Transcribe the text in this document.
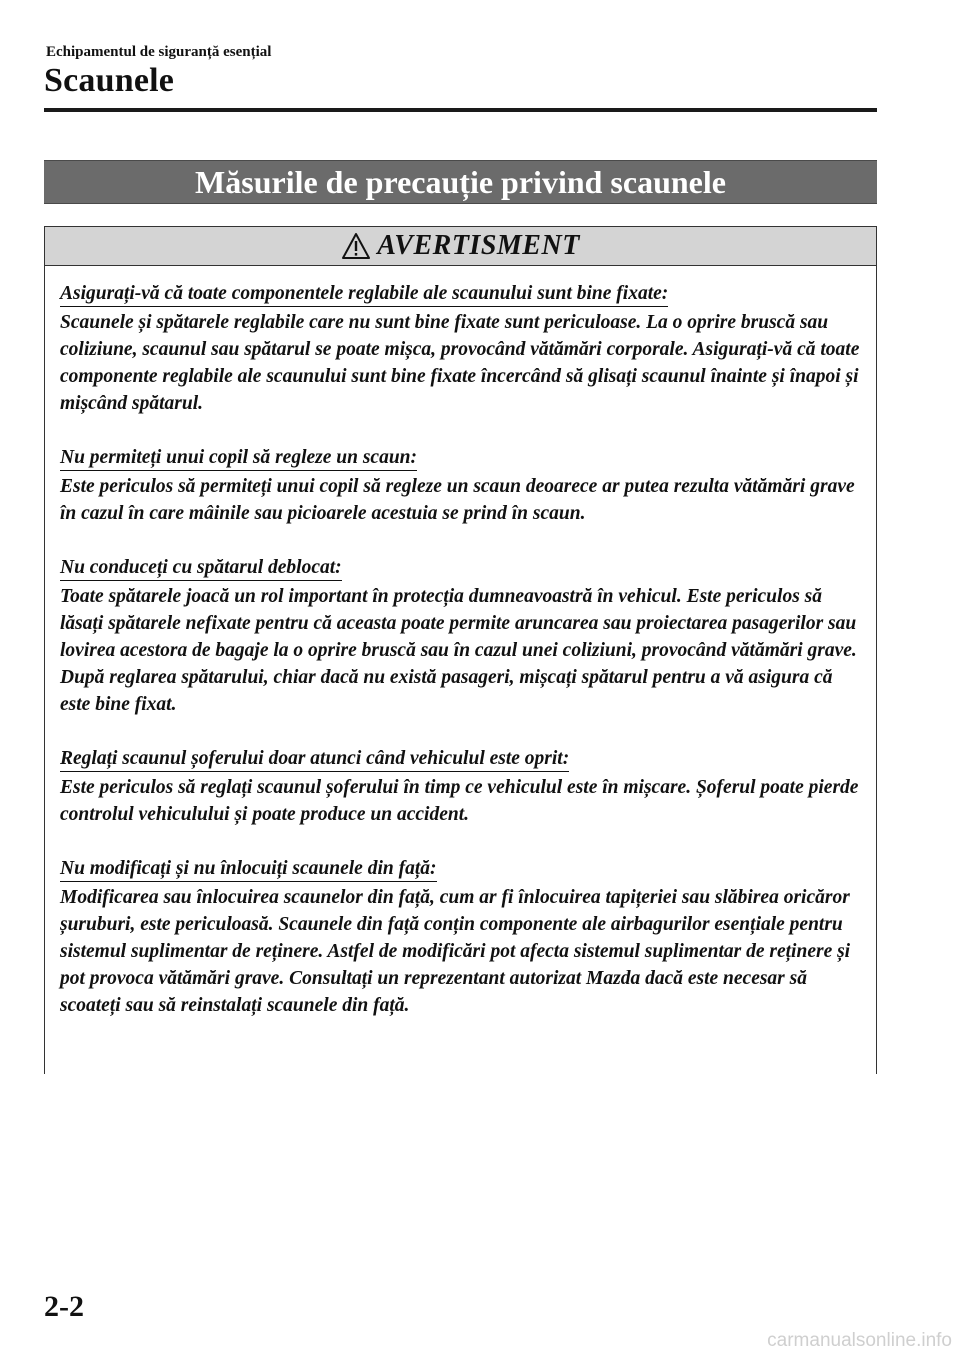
Echipamentul de siguranță esențial
Scaunele
Măsurile de precauție privind scaunele
AVERTISMENT
Asigurați-vă că toate componentele reglabile ale scaunului sunt bine fixate:
Scaunele și spătarele reglabile care nu sunt bine fixate sunt periculoase. La o oprire bruscă sau coliziune, scaunul sau spătarul se poate mișca, provocând vătămări corporale. Asigurați-vă că toate componente reglabile ale scaunului sunt bine fixate încercând să glisați scaunul înainte și înapoi și mișcând spătarul.
Nu permiteți unui copil să regleze un scaun:
Este periculos să permiteți unui copil să regleze un scaun deoarece ar putea rezulta vătămări grave în cazul în care mâinile sau picioarele acestuia se prind în scaun.
Nu conduceți cu spătarul deblocat:
Toate spătarele joacă un rol important în protecția dumneavoastră în vehicul. Este periculos să lăsați spătarele nefixate pentru că aceasta poate permite aruncarea sau proiectarea pasagerilor sau lovirea acestora de bagaje la o oprire bruscă sau în cazul unei coliziuni, provocând vătămări grave. După reglarea spătarului, chiar dacă nu există pasageri, mișcați spătarul pentru a vă asigura că este bine fixat.
Reglați scaunul șoferului doar atunci când vehiculul este oprit:
Este periculos să reglați scaunul șoferului în timp ce vehiculul este în mișcare. Șoferul poate pierde controlul vehiculului și poate produce un accident.
Nu modificați și nu înlocuiți scaunele din față:
Modificarea sau înlocuirea scaunelor din față, cum ar fi înlocuirea tapițeriei sau slăbirea oricăror șuruburi, este periculoasă. Scaunele din față conțin componente ale airbagurilor esențiale pentru sistemul suplimentar de reținere. Astfel de modificări pot afecta sistemul suplimentar de reținere și pot provoca vătămări grave. Consultați un reprezentant autorizat Mazda dacă este necesar să scoateți sau să reinstalați scaunele din față.
2-2
carmanualsonline.info
